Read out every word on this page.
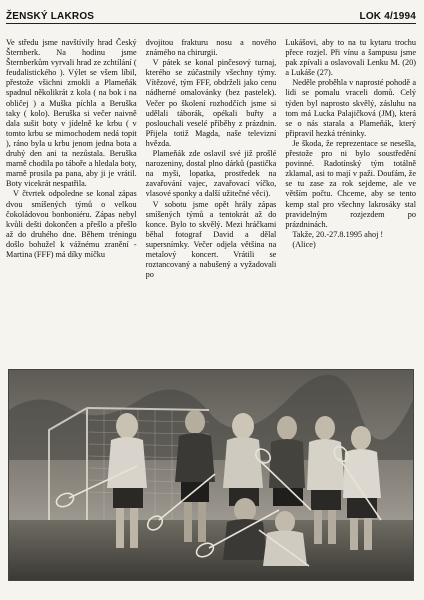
ŽENSKÝ LAKROS	LOK 4/1994

Ve středu jsme navštívily hrad Český Šternberk. Na hodinu jsme Šternberkům vyrvali hrad ze zchtílání ( feudalistického ). Výlet se všem líbil, přestože všichni zmokli a Plameňák spadnul několikrát z kola ( na bok i na obličej ) a Muška píchla a Beruška taky ( kolo). Beruška si večer naivně dala sušit boty v jídelně ke krbu ( v tomto krbu se mimochodem nedá topit ), ráno byla u krbu jenom jedna bota a druhý den ani ta nezůstala. Beruška marně chodila po táboře a hledala boty, marně prosila pa pana, aby ji je vrátil. Boty vicekrát nespatřila.

V čtvrtek odpoledne se konal zápas dvou smíšených týmů o velkou čokoládovou bonboniéru. Zápas nebyl kvůli dešti dokončen a přešlo a přešlo až do druhého dne. Během tréningu došlo bohužel k vážnému zranění - Martina (FFF) má díky míčku

dvojitou frakturu nosu a nového známého na chirurgii.

V pátek se konal pinčesový turnaj, kterého se zúčastnily všechny týmy. Vítězové, tým FFF, obdrželi jako cenu nádherné omalovánky (bez pastelek). Večer po školení rozhodčích jsme si udělali táborák, opékali buřty a poslouchali veselé příběhy z prázdnin. Přijela totiž Magda, naše televizní hvězda.

Plameňák zde oslavil své již prošlé narozeniny, dostal plno dárků (pastička na myši, lopatka, prostředek na zavařování vajec, zavařovací víčko, vlasové sponky a další užitečné věci).

V sobotu jsme opět hrály zápas smíšených týmů a tentokrát až do konce. Bylo to skvělý. Mezi hráčkami běhal fotograf David a dělal supersnímky. Večer odjela většina na metalový koncert. Vrátili se roztancovaný a nabušený a vyžadovali po

Lukášovi, aby to na tu kytaru trochu přece rozjel. Při vínu a šampusu jsme pak zpívali a oslavovali Lenku M. (20) a Lukáše (27).

Neděle proběhla v naprosté pohodě a lidi se pomalu vraceli domů. Celý týden byl naprosto skvělý, zásluhu na tom má Lucka Palajičková (JM), která se o nás starala a Plameňák, který připravil hezká tréninky.

Je škoda, že reprezentace se nesešla, přestože pro ni bylo soustředění povinné. Radotínský tým totálně zklamal, asi to mají v paži. Doufám, že se tu zase za rok sejdeme, ale ve větším počtu. Chceme, aby se tento kemp stal pro všechny lakrosáky stal pravidelným rozjezdem po prázdninách.

Takže, 20.-27.8.1995 ahoj !

(Alice)
